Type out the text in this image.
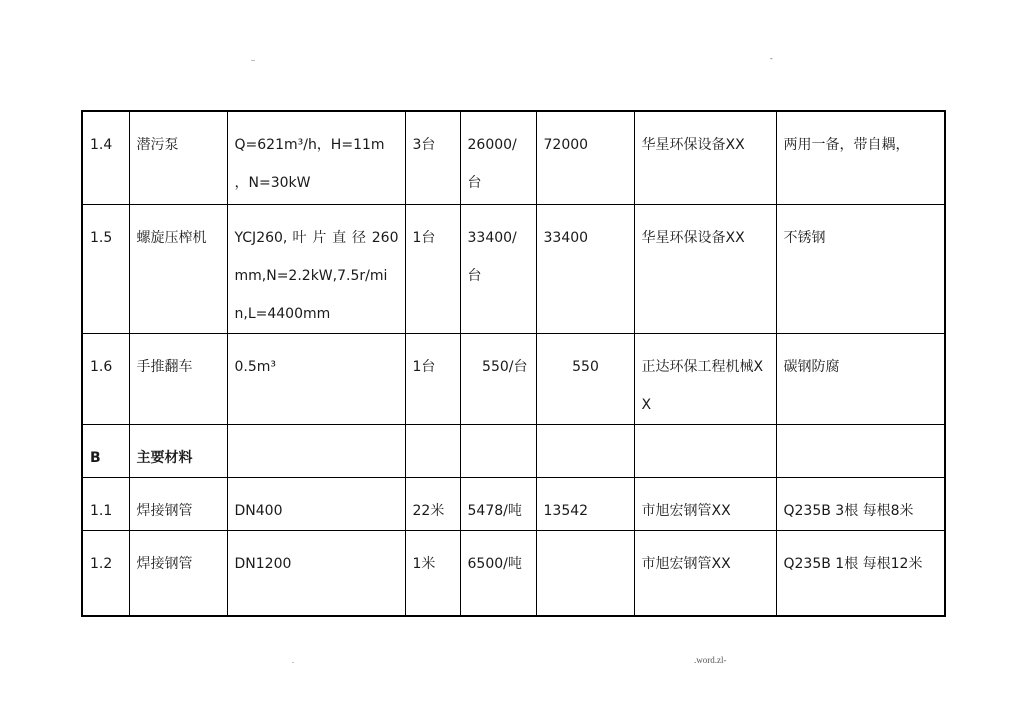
..	-
1.4	潜污泵	Q=621m³/h，H=11m ，N=30kW	3台	26000/台	72000	华星环保设备XX	两用一备，带自耦，
1.5	螺旋压榨机	YCJ260, 叶 片 直 径 260mm,N=2.2kW,7.5r/min,L=4400mm	1台	33400/台	33400	华星环保设备XX	不锈钢
1.6	手推翻车	0.5m³	1台	550/台	550	正达环保工程机械XX	碳钢防腐
B	主要材料						
1.1	焊接钢管	DN400	22米	5478/吨	13542	市旭宏钢管XX	Q235B 3根 每根8米
1.2	焊接钢管	DN1200	1米	6500/吨		市旭宏钢管XX	Q235B 1根 每根12米
.	.word.zl-
